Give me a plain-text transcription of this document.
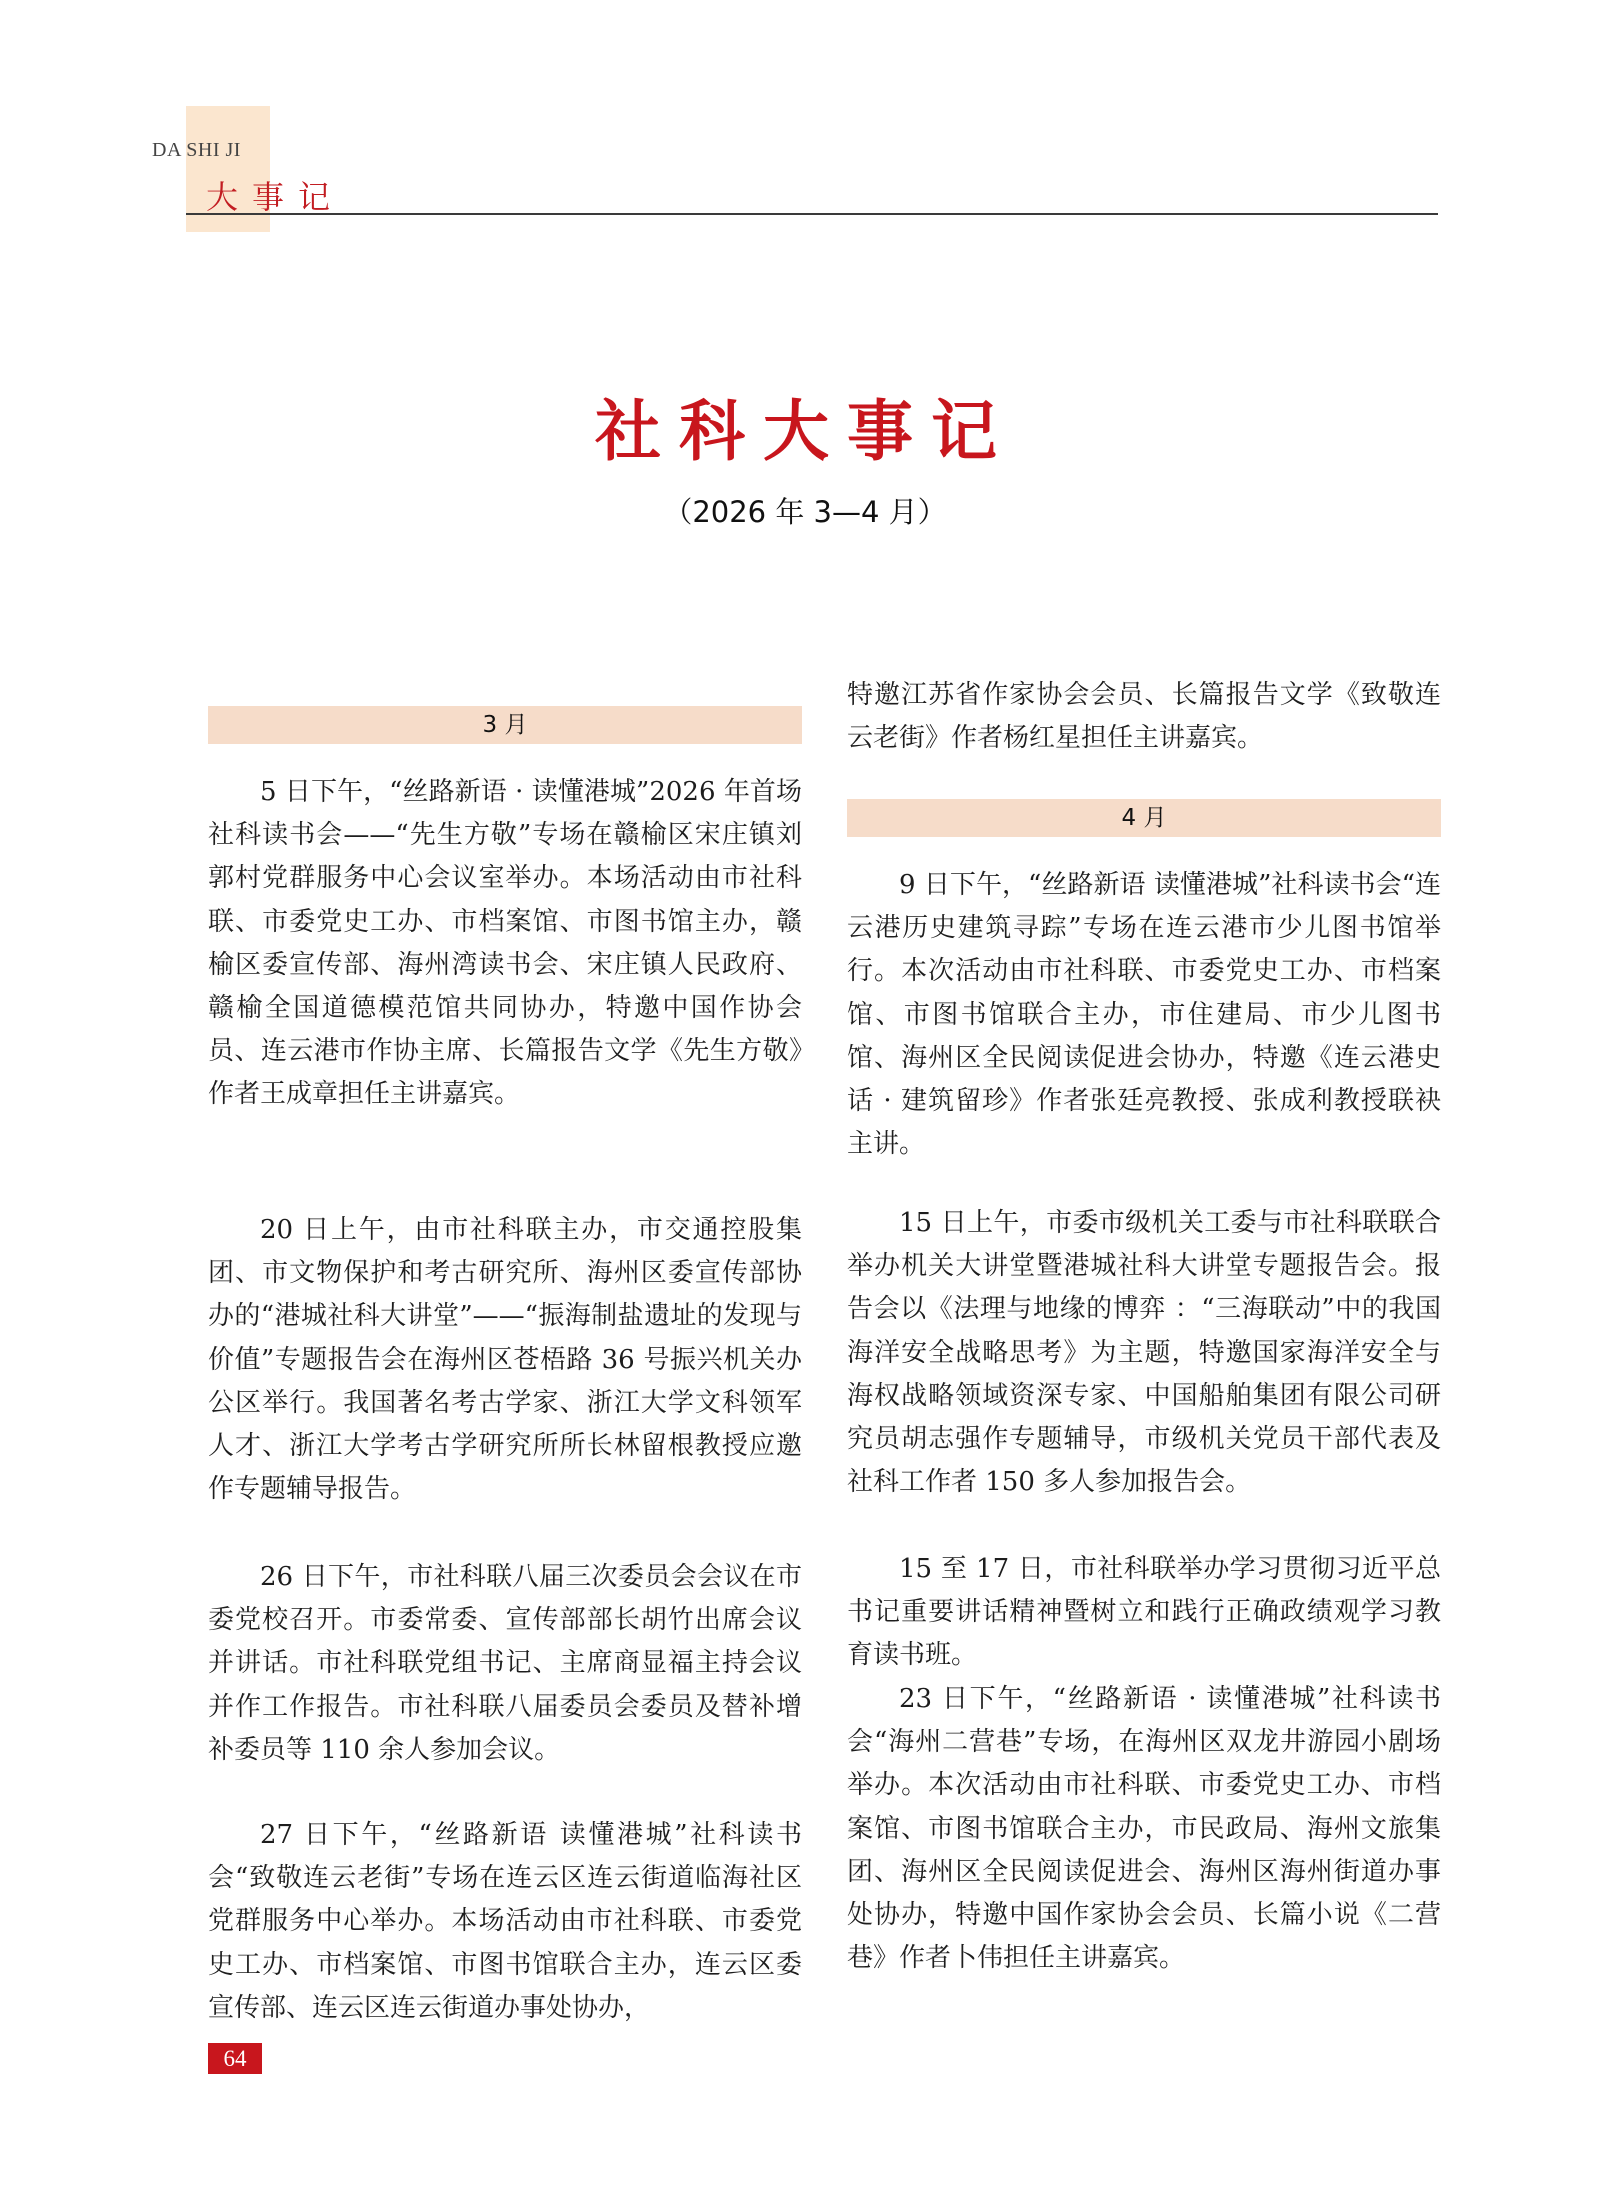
DA SHI JI
大事记
社科大事记
（2026 年 3—4 月）
3 月

5 日下午，“丝路新语 · 读懂港城”2026 年首场社科读书会——“先生方敬”专场在赣榆区宋庄镇刘郭村党群服务中心会议室举办。本场活动由市社科联、市委党史工办、市档案馆、市图书馆主办，赣榆区委宣传部、海州湾读书会、宋庄镇人民政府、赣榆全国道德模范馆共同协办，特邀中国作协会员、连云港市作协主席、长篇报告文学《先生方敬》作者王成章担任主讲嘉宾。

20 日上午，由市社科联主办，市交通控股集团、市文物保护和考古研究所、海州区委宣传部协办的“港城社科大讲堂”——“振海制盐遗址的发现与价值”专题报告会在海州区苍梧路 36 号振兴机关办公区举行。我国著名考古学家、浙江大学文科领军人才、浙江大学考古学研究所所长林留根教授应邀作专题辅导报告。

26 日下午，市社科联八届三次委员会会议在市委党校召开。市委常委、宣传部部长胡竹出席会议并讲话。市社科联党组书记、主席商显福主持会议并作工作报告。市社科联八届委员会委员及替补增补委员等 110 余人参加会议。

27 日下午，“丝路新语 读懂港城”社科读书会“致敬连云老街”专场在连云区连云街道临海社区党群服务中心举办。本场活动由市社科联、市委党史工办、市档案馆、市图书馆联合主办，连云区委宣传部、连云区连云街道办事处协办，

特邀江苏省作家协会会员、长篇报告文学《致敬连云老街》作者杨红星担任主讲嘉宾。

4 月

9 日下午，“丝路新语 读懂港城”社科读书会“连云港历史建筑寻踪”专场在连云港市少儿图书馆举行。本次活动由市社科联、市委党史工办、市档案馆、市图书馆联合主办，市住建局、市少儿图书馆、海州区全民阅读促进会协办，特邀《连云港史话 · 建筑留珍》作者张廷亮教授、张成利教授联袂主讲。

15 日上午，市委市级机关工委与市社科联联合举办机关大讲堂暨港城社科大讲堂专题报告会。报告会以《法理与地缘的博弈 ：“三海联动”中的我国海洋安全战略思考》为主题，特邀国家海洋安全与海权战略领域资深专家、中国船舶集团有限公司研究员胡志强作专题辅导，市级机关党员干部代表及社科工作者 150 多人参加报告会。

15 至 17 日，市社科联举办学习贯彻习近平总书记重要讲话精神暨树立和践行正确政绩观学习教育读书班。

23 日下午，“丝路新语 · 读懂港城”社科读书会“海州二营巷”专场，在海州区双龙井游园小剧场举办。本次活动由市社科联、市委党史工办、市档案馆、市图书馆联合主办，市民政局、海州文旅集团、海州区全民阅读促进会、海州区海州街道办事处协办，特邀中国作家协会会员、长篇小说《二营巷》作者卜伟担任主讲嘉宾。

64
